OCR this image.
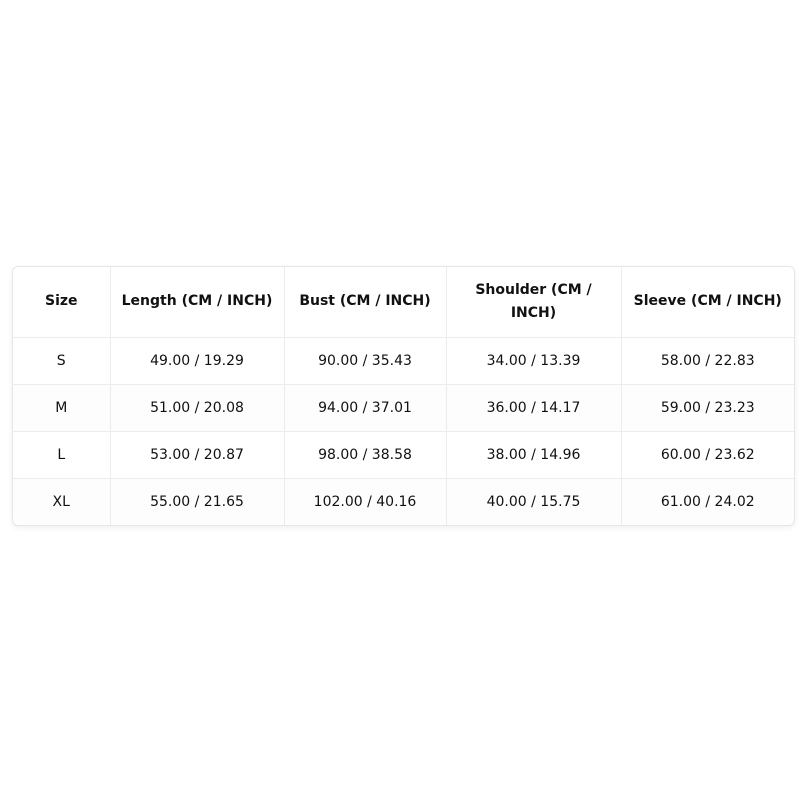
Size	Length (CM / INCH)	Bust (CM / INCH)	Shoulder (CM / INCH)	Sleeve (CM / INCH)
S	49.00 / 19.29	90.00 / 35.43	34.00 / 13.39	58.00 / 22.83
M	51.00 / 20.08	94.00 / 37.01	36.00 / 14.17	59.00 / 23.23
L	53.00 / 20.87	98.00 / 38.58	38.00 / 14.96	60.00 / 23.62
XL	55.00 / 21.65	102.00 / 40.16	40.00 / 15.75	61.00 / 24.02
